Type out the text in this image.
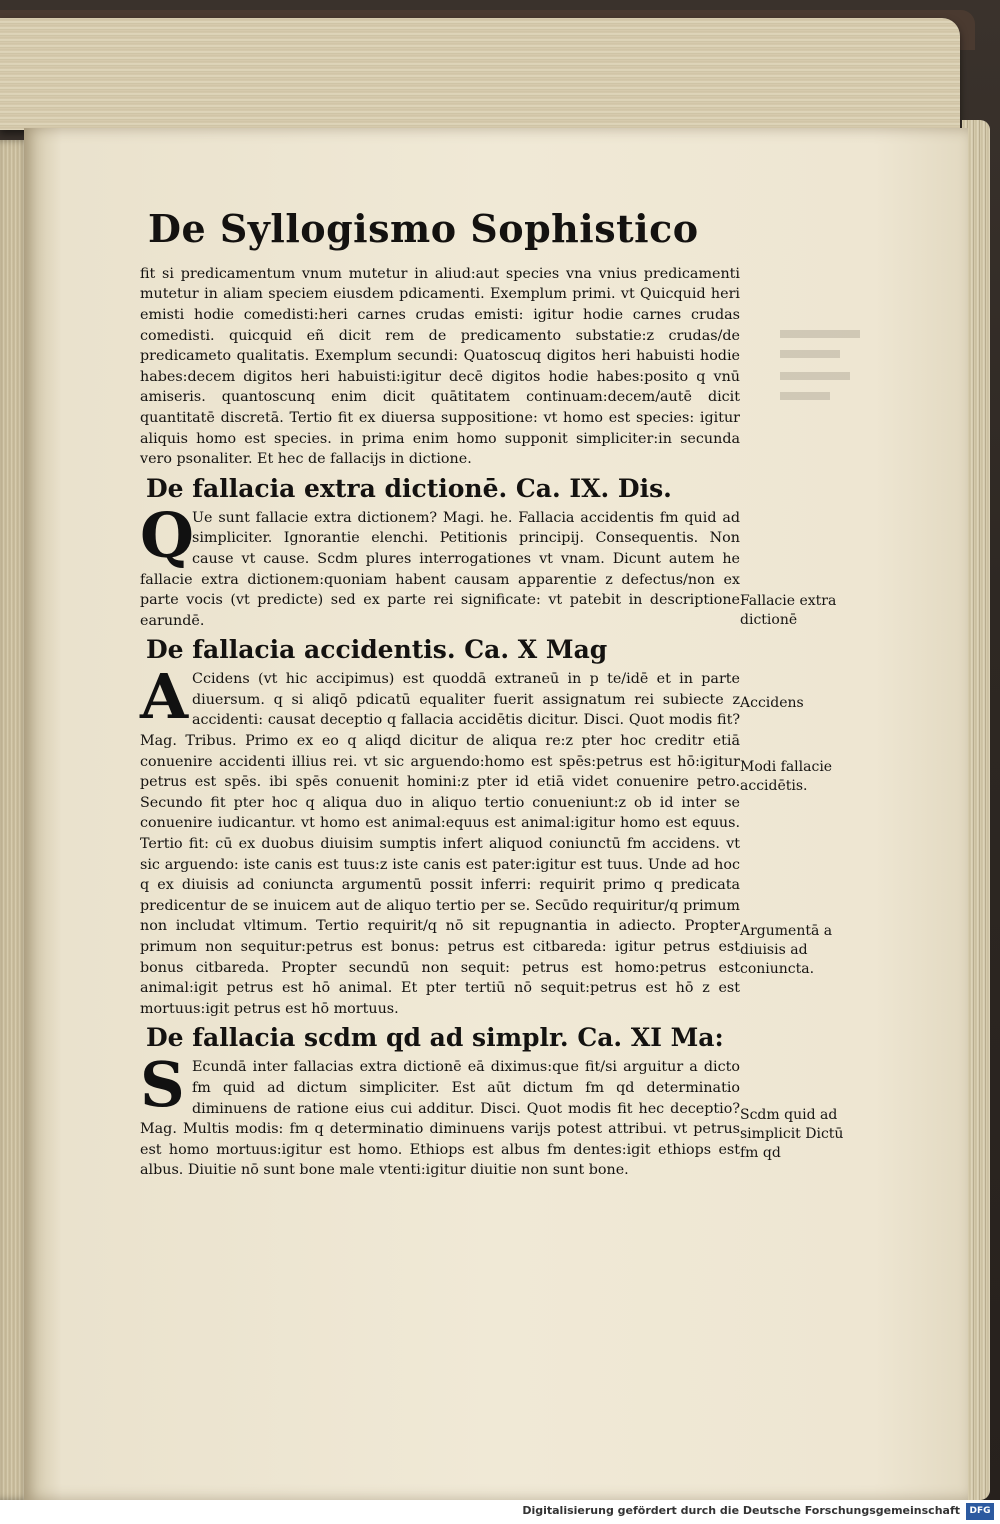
De Syllogismo Sophistico

fit si predicamentum vnum mutetur in aliud:aut species vna vnius predicamenti mutetur in aliam speciem eiusdem pdicamenti. Exemplum primi. vt Quicquid heri emisti hodie comedisti:heri carnes crudas emisti: igitur hodie carnes crudas comedisti. quicquid eñ dicit rem de predicamento substatie:z crudas/de predicameto qualitatis. Exemplum secundi: Quatoscuq digitos heri habuisti hodie habes:decem digitos heri habuisti:igitur decē digitos hodie habes:posito q vnū amiseris. quantoscunq enim dicit quātitatem continuam:decem/autē dicit quantitatē discretā. Tertio fit ex diuersa suppositione: vt homo est species: igitur aliquis homo est species. in prima enim homo supponit simpliciter:in secunda vero psonaliter. Et hec de fallacijs in dictione.

De fallacia extra dictionē. Ca. IX. Dis.
Q

Ue sunt fallacie extra dictionem? Magi. he. Fallacia accidentis fm quid ad simpliciter. Ignorantie elenchi. Petitionis principij. Consequentis. Non cause vt cause. Scdm plures interrogationes vt vnam. Dicunt autem he fallacie extra dictionem:quoniam habent causam apparentie z defectus/non ex parte vocis (vt predicte) sed ex parte rei significate: vt patebit in descriptione earundē.

De fallacia accidentis. Ca. X Mag
A Ccidens (vt hic accipimus) est quoddā extraneū in p te/idē et in parte diuersum. q si aliqō pdicatū equaliter fuerit assignatum rei subiecte z accidenti: causat deceptio q fallacia accidētis dicitur. Disci. Quot modis fit? Mag. Tribus. Primo ex eo q aliqd dicitur de aliqua re:z pter hoc creditr etiā conuenire accidenti illius rei. vt sic arguendo:homo est spēs:petrus est hō:igitur petrus est spēs. ibi spēs conuenit homini:z pter id etiā videt conuenire petro. Secundo fit pter hoc q aliqua duo in aliquo tertio conueniunt:z ob id inter se conuenire iudicantur. vt homo est animal:equus est animal:igitur homo est equus. Tertio fit: cū ex duobus diuisim sumptis infert aliquod coniunctū fm accidens. vt sic arguendo: iste canis est tuus:z iste canis est pater:igitur est tuus. Unde ad hoc q ex diuisis ad coniuncta argumentū possit inferri: requirit primo q predicata predicentur de se inuicem aut de aliquo tertio per se. Secūdo requiritur/q primum non includat vltimum. Tertio requirit/q nō sit repugnantia in adiecto. Propter primum non sequitur:petrus est bonus: petrus est citbareda: igitur petrus est bonus citbareda. Propter secundū non sequit: petrus est homo:petrus est animal:igit petrus est hō animal. Et pter tertiū nō sequit:petrus est hō z est mortuus:igit petrus est hō mortuus.

De fallacia scdm qd ad simplr. Ca. XI Ma:
S Ecundā inter fallacias extra dictionē eā diximus:que fit/si arguitur a dicto fm quid ad dictum simpliciter. Est aūt dictum fm qd determinatio diminuens de ratione eius cui additur. Disci. Quot modis fit hec deceptio? Mag. Multis modis: fm q determinatio diminuens varijs potest attribui. vt petrus est homo mortuus:igitur est homo. Ethiops est albus fm dentes:igit ethiops est albus. Diuitie nō sunt bone male vtenti:igitur diuitie non sunt bone.

Fallacie extra dictionē
Accidens
Modi fallacie accidētis.
Argumentā a diuisis ad coniuncta.
Scdm quid ad simplicit Dictū fm qd
Digitalisierung gefördert durch die Deutsche Forschungsgemeinschaft	DFG
